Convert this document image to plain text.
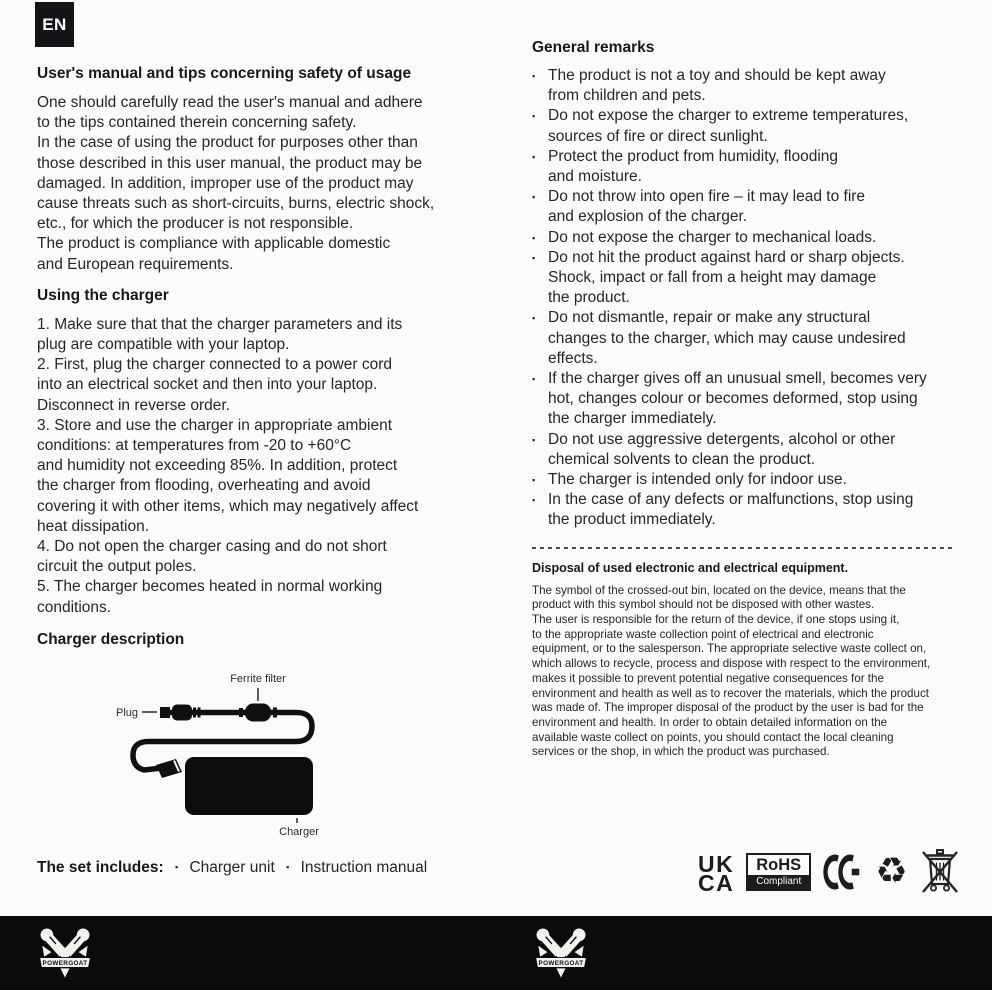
EN
User's manual and tips concerning safety of usage
One should carefully read the user's manual and adhere
to the tips contained therein concerning safety.
In the case of using the product for purposes other than
those described in this user manual, the product may be
damaged. In addition, improper use of the product may
cause threats such as short-circuits, burns, electric shock,
etc., for which the producer is not responsible.
The product is compliance with applicable domestic
and European requirements.
Using the charger
1. Make sure that that the charger parameters and its
plug are compatible with your laptop.
2. First, plug the charger connected to a power cord
into an electrical socket and then into your laptop.
Disconnect in reverse order.
3. Store and use the charger in appropriate ambient
conditions: at temperatures from -20 to +60°C
and humidity not exceeding 85%. In addition, protect
the charger from flooding, overheating and avoid
covering it with other items, which may negatively affect
heat dissipation.
4. Do not open the charger casing and do not short
circuit the output poles.
5. The charger becomes heated in normal working
conditions.
Charger description
Ferrite filter
Plug
Charger
The set includes: ▪ Charger unit ▪ Instruction manual
General remarks
▪ The product is not a toy and should be kept away
from children and pets.
▪ Do not expose the charger to extreme temperatures,
sources of fire or direct sunlight.
▪ Protect the product from humidity, flooding
and moisture.
▪ Do not throw into open fire – it may lead to fire
and explosion of the charger.
▪ Do not expose the charger to mechanical loads.
▪ Do not hit the product against hard or sharp objects.
Shock, impact or fall from a height may damage
the product.
▪ Do not dismantle, repair or make any structural
changes to the charger, which may cause undesired
effects.
▪ If the charger gives off an unusual smell, becomes very
hot, changes colour or becomes deformed, stop using
the charger immediately.
▪ Do not use aggressive detergents, alcohol or other
chemical solvents to clean the product.
▪ The charger is intended only for indoor use.
▪ In the case of any defects or malfunctions, stop using
the product immediately.
Disposal of used electronic and electrical equipment.
The symbol of the crossed-out bin, located on the device, means that the
product with this symbol should not be disposed with other wastes.
The user is responsible for the return of the device, if one stops using it,
to the appropriate waste collection point of electrical and electronic
equipment, or to the salesperson. The appropriate selective waste collect on,
which allows to recycle, process and dispose with respect to the environment,
makes it possible to prevent potential negative consequences for the
environment and health as well as to recover the materials, which the product
was made of. The improper disposal of the product by the user is bad for the
environment and health. In order to obtain detailed information on the
available waste collect on points, you should contact the local cleaning
services or the shop, in which the product was purchased.
UK
CA
RoHS
Compliant ♻
POWERGOAT	POWERGOAT
